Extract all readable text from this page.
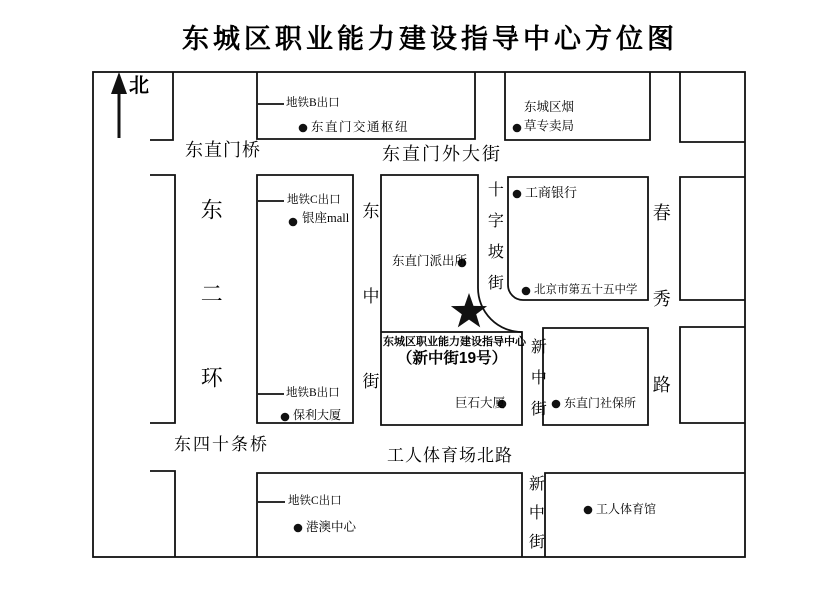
东城区职业能力建设指导中心方位图
北
东直门桥	东直门外大街
东四十条桥
工人体育场北路
东二环	东中街	十字坡街	春秀路
新中街
新中街
地铁B出口
地铁C出口
地铁B出口
地铁C出口
东直门交通枢纽
东城区烟
草专卖局
银座mall
工商银行
东直门派出所
北京市第五十五中学
巨石大厦	东直门社保所
保利大厦
港澳中心
工人体育馆
东城区职业能力建设指导中心
（新中街19号）
